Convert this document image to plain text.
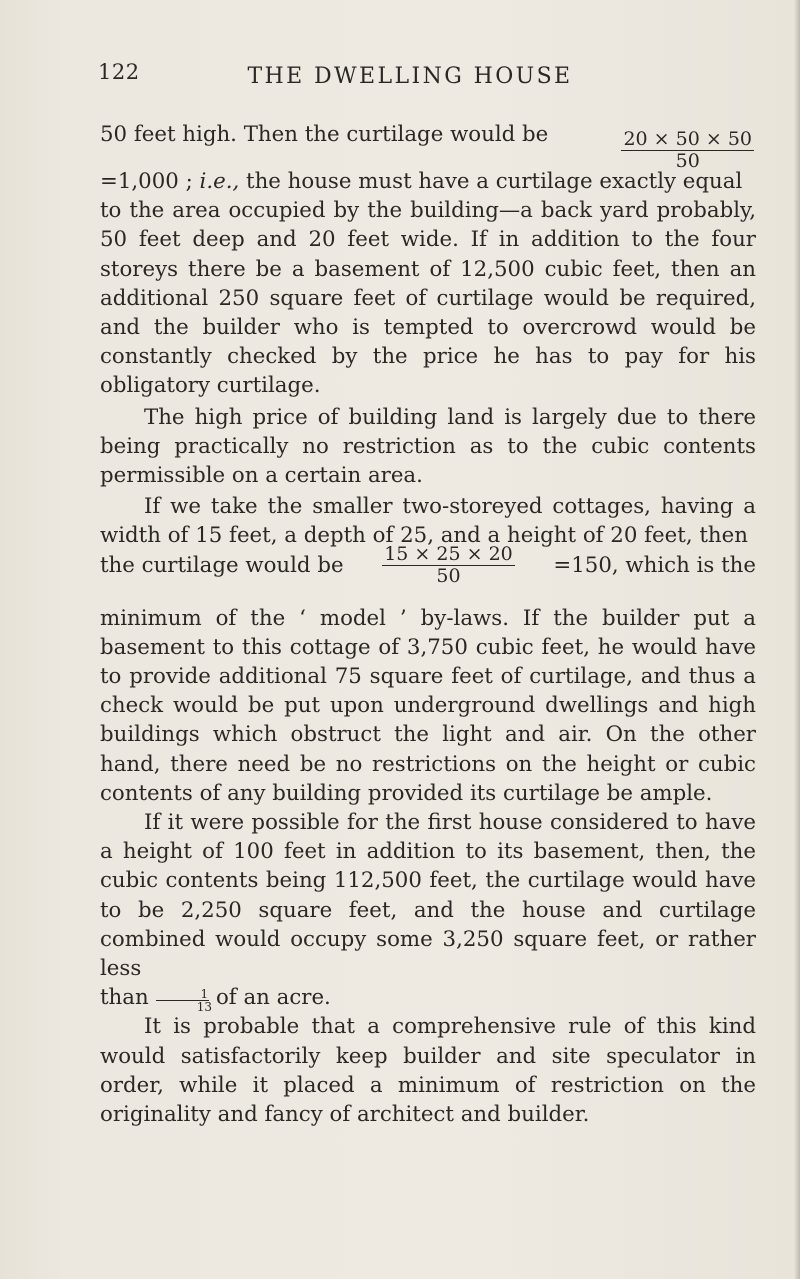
122	THE DWELLING HOUSE

50 feet high. Then the curtilage would be	$\frac{20 \times 50 \times 50}{50}$
=1,000 ; i.e., the house must have a curtilage exactly equal
to the area occupied by the building—a back yard probably, 50 feet deep and 20 feet wide. If in addition to the four storeys there be a basement of 12,500 cubic feet, then an additional 250 square feet of curtilage would be required, and the builder who is tempted to overcrowd would be constantly checked by the price he has to pay for his obligatory curtilage.

The high price of building land is largely due to there being practically no restriction as to the cubic contents permissible on a certain area.

If we take the smaller two-storeyed cottages, having a width of 15 feet, a depth of 25, and a height of 20 feet, then

the curtilage would be $\frac{15 \times 25 \times 20}{50} =150$, which is the

minimum of the ‘ model ’ by-laws. If the builder put a basement to this cottage of 3,750 cubic feet, he would have to provide additional 75 square feet of curtilage, and thus a check would be put upon underground dwellings and high buildings which obstruct the light and air. On the other hand, there need be no restrictions on the height or cubic contents of any building provided its curtilage be ample.

If it were possible for the first house considered to have a height of 100 feet in addition to its basement, then, the cubic contents being 112,500 feet, the curtilage would have to be 2,250 square feet, and the house and curtilage combined would occupy some 3,250 square feet, or rather less
than $\frac{1}{13}$ of an acre.

It is probable that a comprehensive rule of this kind would satisfactorily keep builder and site speculator in order, while it placed a minimum of restriction on the originality and fancy of architect and builder.
